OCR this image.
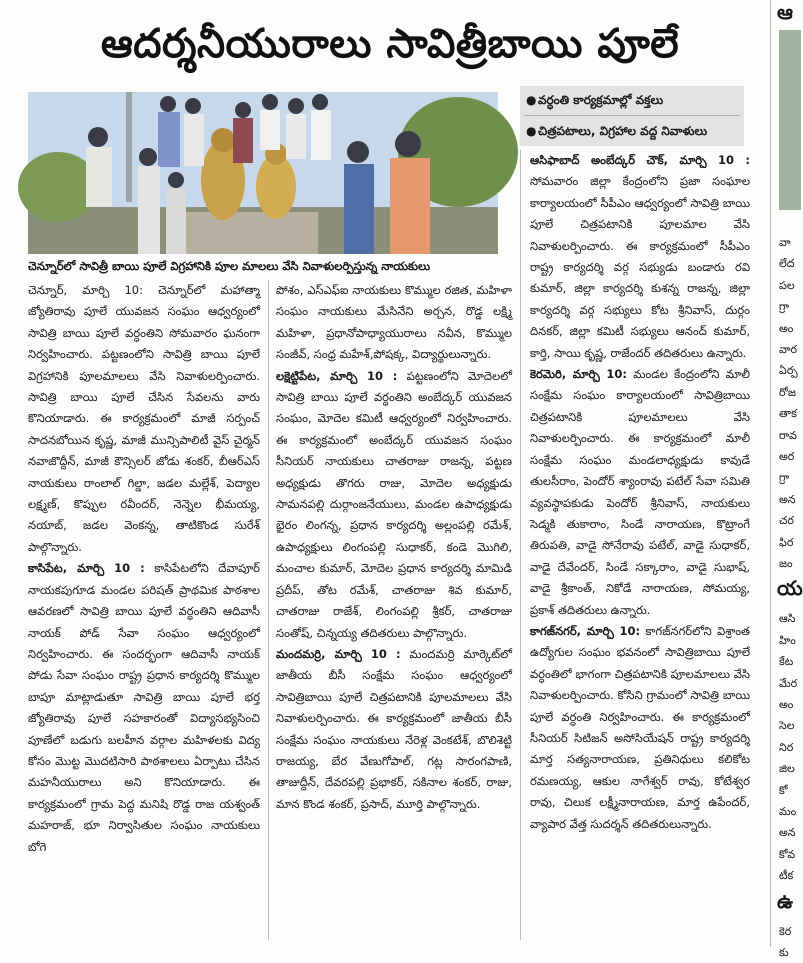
ఆదర్శనీయురాలు సావిత్రీబాయి పూలే
చెన్నూర్‌లో సావిత్రీ బాయి పూలే విగ్రహానికి పూల మాలలు వేసి నివాళులర్పిస్తున్న నాయకులు
● వర్ధంతి కార్యక్రమాల్లో వక్తలు
● చిత్రపటాలు, విగ్రహాల వద్ద నివాళులు

చెన్నూర్‌, మార్చి 10: చెన్నూర్‌లో మహాత్మా జ్యోతిరావు పూలే యువజన సంఘం ఆధ్వర్యంలో సావిత్రి బాయి పూలే వర్ధంతిని సోమవారం ఘనంగా నిర్వహించారు. పట్టణంలోని సావిత్రి బాయి పూలే విగ్రహానికి పూలమాలలు వేసి నివాళులర్పించారు. సావిత్రి బాయి పూలే చేసిన సేవలను వారు కొనియాడారు. ఈ కార్యక్రమంలో మాజీ సర్పంచ్‌ సాదనబోయిన కృష్ణ, మాజీ మున్సిపాలిటీ వైస్‌ చైర్మన్‌ నవాజొద్దీన్‌, మాజీ కౌన్సిలర్‌ జోడు శంకర్‌, బీఆర్‌ఎస్‌ నాయకులు రాంలాల్‌ గిల్డా, జడల మల్లేశ్‌, పెద్యాల లక్ష్మణ్‌, కొప్పుల రవీందర్‌, నెన్నెల భీమయ్య, నయాబ్‌, జడల వెంకన్న, తాటికొండ సురేశ్‌ పాల్గొన్నారు.

కాసిపేట, మార్చి 10 : కాసిపేటలోని దేవాపూర్‌ నాయకపుగూడ మండల పరిషత్‌ ప్రాథమిక పాఠశాల ఆవరణలో సావిత్రి బాయి పూలే వర్ధంతిని ఆదివాసీ నాయక్‌ పోడ్‌ సేవా సంఘం ఆధ్వర్యంలో నిర్వహించారు. ఈ సందర్భంగా ఆదివాసీ నాయక్‌ పోడు సేవా సంఘం రాష్ట్ర ప్రధాన కార్యదర్శి కొమ్ముల బాపూ మాట్లాడుతూ సావిత్రి బాయి పూలే భర్త జ్యోతిరావు పూలే సహకారంతో విద్యాసభ్యసించి పూణేలో బడుగు బలహీన వర్గాల మహిళలకు విద్య కోసం మొట్ట మొదటిసారి పాఠశాలలు ఏర్పాటు చేసిన మహనీయురాలు అని కొనియాడారు. ఈ కార్యక్రమంలో గ్రామ పెద్ద మనిషి రొడ్డ రాజ యశ్వంత్‌ మహరాజ్‌, భూ నిర్వాసితుల సంఘం నాయకులు బోగె

పోశం, ఎస్‌ఎఫ్‌ఐ నాయకులు కొమ్ముల రజిత, మహిళా సంఘం నాయకులు మేసినేని అర్చన, రొడ్డ లక్ష్మి మహిళా, ప్రధానోపాధ్యాయురాలు నవీన, కొమ్ముల సంజీవ్‌, సంధ్ర మహేశ్‌,పోషక్క, విద్యార్థులున్నారు.

లక్షెట్టిపేట, మార్చి 10 : పట్టణంలోని మోదెలలో సావిత్రి బాయి పూలే వర్ధంతిని అంబేద్కర్‌ యువజన సంఘం, మోదెల కమిటీ ఆధ్వర్యంలో నిర్వహించారు. ఈ కార్యక్రమంలో అంబేద్కర్‌ యువజన సంఘం సీనియర్‌ నాయకులు చాతరాజు రాజన్న, పట్టణ అధ్యక్షుడు తొగరు రాజు, మోదెల అధ్యక్షుడు సామనపల్లి దుర్గాంజనేయులు, మండల ఉపాధ్యక్షుడు భైరం లింగన్న, ప్రధాన కార్యదర్శి అల్లంపల్లి రమేశ్‌, ఉపాధ్యక్షులు లింగంపల్లి సుధాకర్‌, కండె మొగిలి, మంచాల కుమార్‌, మోదెల ప్రధాన కార్యదర్శి మామిడి ప్రదీప్‌, తోట రమేశ్‌, చాతరాజు శివ కుమార్‌, చాతరాజు రాజేశ్‌, లింగంపల్లి శ్రీకర్‌, చాతరాజు సంతోష్‌, చిన్నయ్య తదితరులు పాల్గొన్నారు.

మందమర్రి, మార్చి 10 : మందమర్రి మార్కెట్‌లో జాతీయ బీసీ సంక్షేమ సంఘం ఆధ్వర్యంలో సావిత్రిబాయి పూలే చిత్రపటానికి పూలమాలలు వేసి నివాళులర్పించారు. ఈ కార్యక్రమంలో జాతీయ బీసీ సంక్షేమ సంఘం నాయకులు నేరెళ్ల వెంకటేశ్‌, బొలిశెట్టి రాజయ్య, బేర వేణుగోపాల్‌, గట్ల సారంగపాణి, తాజుద్దీన్‌, దేవరపల్లి ప్రభాకర్‌, సకినాల శంకర్‌, రాజు, మాన కొండ శంకర్‌, ప్రసాద్‌, మూర్తి పాల్గొన్నారు.

ఆసిఫాబాద్‌ అంబేద్కర్‌ చౌక్‌, మార్చి 10 : సోమవారం జిల్లా కేంద్రంలోని ప్రజా సంఘాల కార్యాలయంలో సీపీఎం ఆధ్వర్యంలో సావిత్రి బాయి పూలే చిత్రపటానికి పూలమాల వేసి నివాళులర్పించారు. ఈ కార్యక్రమంలో సీపీఎం రాష్ట్ర కార్యదర్శి వర్గ సభ్యుడు బండారు రవి కుమార్‌, జిల్లా కార్యదర్శి కుశన్న రాజన్న, జిల్లా కార్యదర్శి వర్గ సభ్యులు కోట శ్రీనివాస్‌, దుర్గం దినకర్‌, జిల్లా కమిటీ సభ్యులు ఆనంద్‌ కుమార్‌, కార్తి, సాయి కృష్ణ, రాజేందర్‌ తదితరులు ఉన్నారు.

కెరమెరి, మార్చి 10: మండల కేంద్రంలోని మాలీ సంక్షేమ సంఘం కార్యాలయంలో సావిత్రిబాయి చిత్రపటానికి పూలమాలలు వేసి నివాళులర్పించారు. ఈ కార్యక్రమంలో మాలీ సంక్షేమ సంఘం మండలాధ్యక్షుడు కావుడే తులసీరాం, పెందోర్‌ శ్యాంరావు పటేల్‌ సేవా సమితి వ్యవస్థాపకుడు పెందోర్‌ శ్రీనివాస్‌, నాయకులు సెడ్మకి తుకారాం, సిండే నారాయణ, కొట్రాంగే తిరుపతి, వాడై సోనేరావు పటేల్‌, వాడై సుధాకర్‌, వాడై దేవేందర్‌, సిండే సక్కారాం, వాడై సుభాష్‌, వాడై శ్రీకాంత్‌, నికోడే నారాయణ, సోమయ్య, ప్రకాశ్‌ తదితరులు ఉన్నారు.

కాగజ్‌నగర్‌, మార్చి 10: కాగజ్‌నగర్‌లోని విశ్రాంత ఉద్యోగుల సంఘం భవనంలో సావిత్రిబాయి పూలే వర్ధంతిలో భాగంగా చిత్రపటానికి పూలమాలలు వేసి నివాళులర్పించారు. కోసిని గ్రామంలో సావిత్రి బాయి పూలే వర్ధంతి నిర్వహించారు. ఈ కార్యక్రమంలో సీనియర్‌ సిటిజన్‌ అసోసియేషన్‌ రాష్ట్ర కార్యదర్శి మార్త సత్యనారాయణ, ప్రతినిధులు కలికోట రమణయ్య, ఆకుల నాగేశ్వర్‌ రావు, కోటేశ్వర రావు, చిలుక లక్ష్మీనారాయణ, మార్త ఉపేందర్‌, వ్యాపార వేత్త సుదర్శన్‌ తదితరులున్నారు.

ఆ
వా
లేద
పల
గ్రా
అం
వార
ఏర్ప
రోజ
తాక
రావ
అర
గ్రా
అన
చర
ఫిర
జం
య
ఆసి
హిం
కేట
మేర
అం
సెల
నిర
జిల
కో
మం
అన
కోవ
టీక
ఉ
కెర
కు
